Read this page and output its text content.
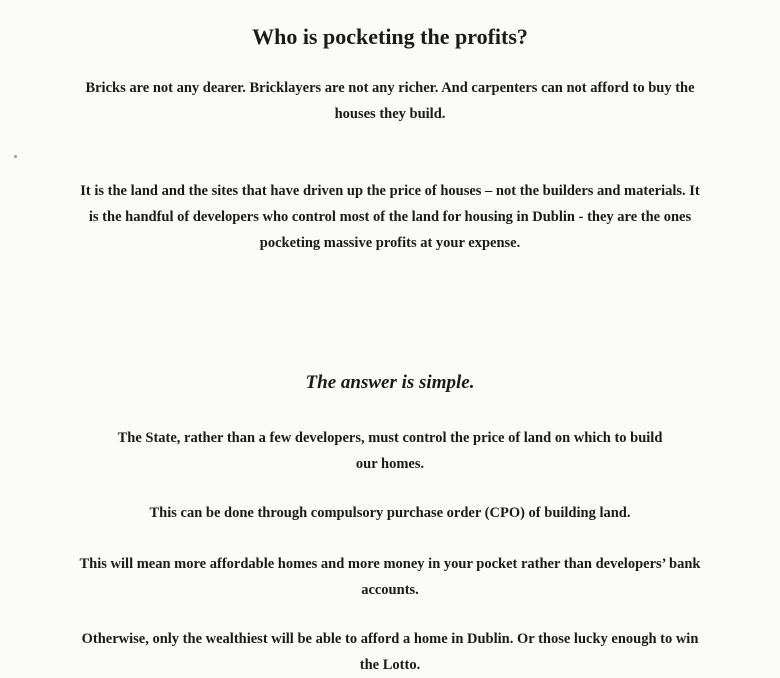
Who is pocketing the profits?
Bricks are not any dearer. Bricklayers are not any richer. And carpenters can not afford to buy the
houses they build.
It is the land and the sites that have driven up the price of houses – not the builders and materials. It
is the handful of developers who control most of the land for housing in Dublin - they are the ones
pocketing massive profits at your expense.
The answer is simple.
The State, rather than a few developers, must control the price of land on which to build
our homes.
This can be done through compulsory purchase order (CPO) of building land.
This will mean more affordable homes and more money in your pocket rather than developers’ bank
accounts.
Otherwise, only the wealthiest will be able to afford a home in Dublin. Or those lucky enough to win
the Lotto.
